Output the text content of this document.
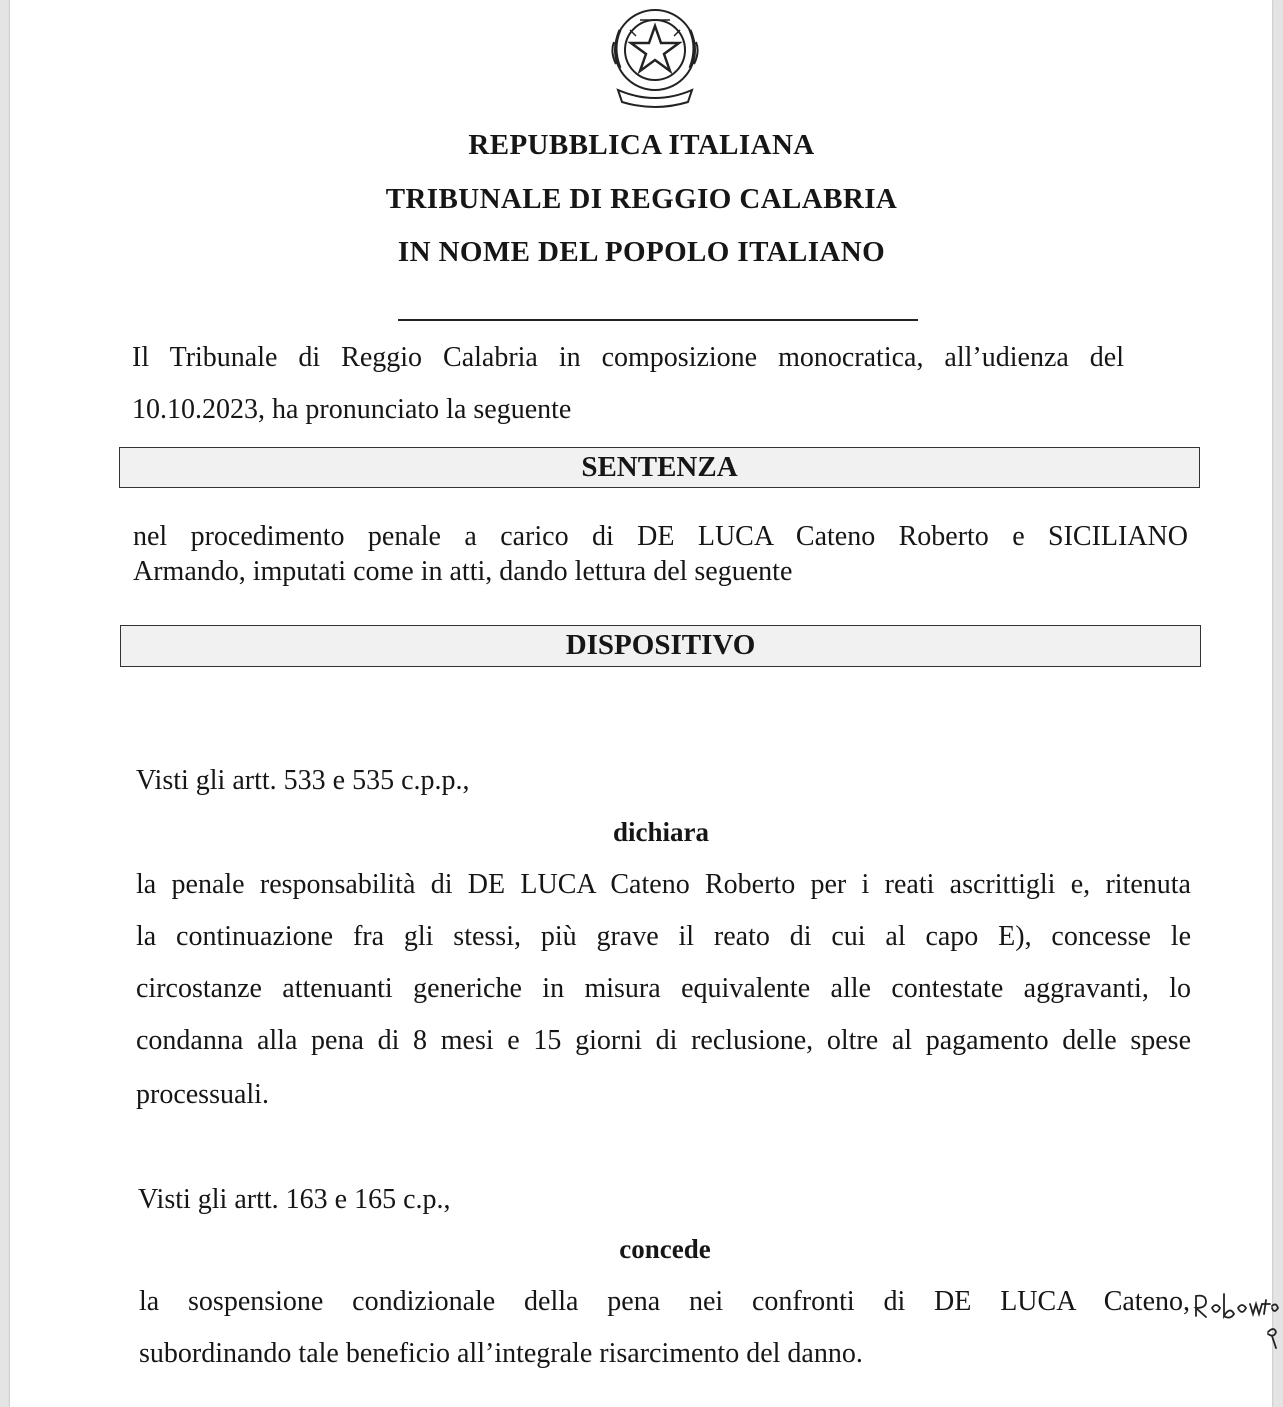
REPUBBLICA ITALIANA
TRIBUNALE DI REGGIO CALABRIA
IN NOME DEL POPOLO ITALIANO
Il Tribunale di Reggio Calabria in composizione monocratica, all’udienza del
10.10.2023, ha pronunciato la seguente
SENTENZA
nel procedimento penale a carico di DE LUCA Cateno Roberto e SICILIANO
Armando, imputati come in atti, dando lettura del seguente
DISPOSITIVO
Visti gli artt. 533 e 535 c.p.p.,
dichiara
la penale responsabilità di DE LUCA Cateno Roberto per i reati ascrittigli e, ritenuta
la continuazione fra gli stessi, più grave il reato di cui al capo E), concesse le
circostanze attenuanti generiche in misura equivalente alle contestate aggravanti, lo
condanna alla pena di 8 mesi e 15 giorni di reclusione, oltre al pagamento delle spese
processuali.
Visti gli artt. 163 e 165 c.p.,
concede
la sospensione condizionale della pena nei confronti di DE LUCA Cateno,
subordinando tale beneficio all’integrale risarcimento del danno.
